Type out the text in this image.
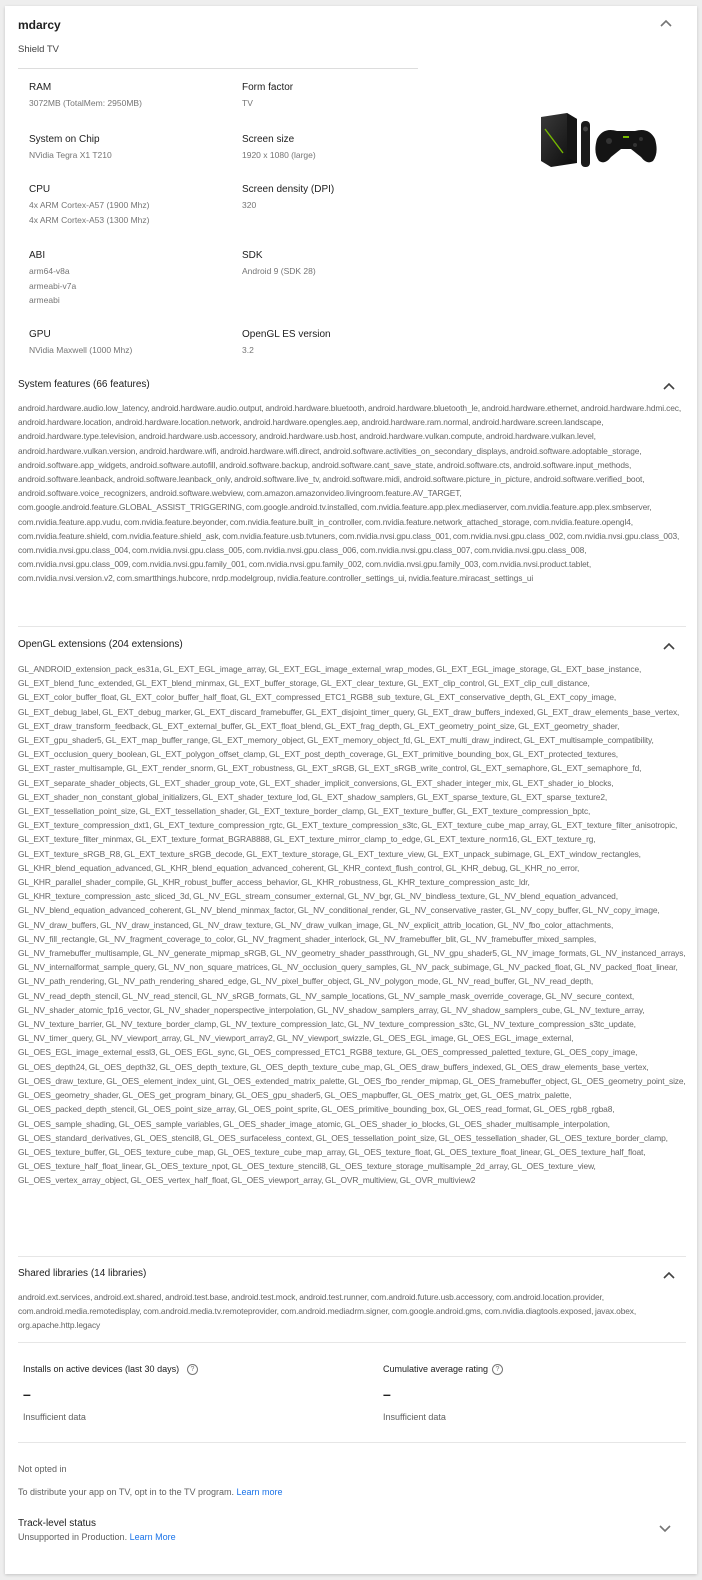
mdarcy
Shield TV
RAM
3072MB (TotalMem: 2950MB)
Form factor
TV
System on Chip
NVidia Tegra X1 T210
Screen size
1920 x 1080 (large)
CPU
4x ARM Cortex-A57 (1900 Mhz)
4x ARM Cortex-A53 (1300 Mhz)
Screen density (DPI)
320
ABI
arm64-v8a
armeabi-v7a
armeabi
SDK
Android 9 (SDK 28)
GPU
NVidia Maxwell (1000 Mhz)
OpenGL ES version
3.2
System features (66 features)
android.hardware.audio.low_latency, android.hardware.audio.output, android.hardware.bluetooth, android.hardware.bluetooth_le, android.hardware.ethernet, android.hardware.hdmi.cec, android.hardware.location, android.hardware.location.network, android.hardware.opengles.aep, android.hardware.ram.normal, android.hardware.screen.landscape, android.hardware.type.television, android.hardware.usb.accessory, android.hardware.usb.host, android.hardware.vulkan.compute, android.hardware.vulkan.level, android.hardware.vulkan.version, android.hardware.wifi, android.hardware.wifi.direct, android.software.activities_on_secondary_displays, android.software.adoptable_storage, android.software.app_widgets, android.software.autofill, android.software.backup, android.software.cant_save_state, android.software.cts, android.software.input_methods, android.software.leanback, android.software.leanback_only, android.software.live_tv, android.software.midi, android.software.picture_in_picture, android.software.verified_boot, android.software.voice_recognizers, android.software.webview, com.amazon.amazonvideo.livingroom.feature.AV_TARGET, com.google.android.feature.GLOBAL_ASSIST_TRIGGERING, com.google.android.tv.installed, com.nvidia.feature.app.plex.mediaserver, com.nvidia.feature.app.plex.smbserver, com.nvidia.feature.app.vudu, com.nvidia.feature.beyonder, com.nvidia.feature.built_in_controller, com.nvidia.feature.network_attached_storage, com.nvidia.feature.opengl4, com.nvidia.feature.shield, com.nvidia.feature.shield_ask, com.nvidia.feature.usb.tvtuners, com.nvidia.nvsi.gpu.class_001, com.nvidia.nvsi.gpu.class_002, com.nvidia.nvsi.gpu.class_003, com.nvidia.nvsi.gpu.class_004, com.nvidia.nvsi.gpu.class_005, com.nvidia.nvsi.gpu.class_006, com.nvidia.nvsi.gpu.class_007, com.nvidia.nvsi.gpu.class_008, com.nvidia.nvsi.gpu.class_009, com.nvidia.nvsi.gpu.family_001, com.nvidia.nvsi.gpu.family_002, com.nvidia.nvsi.gpu.family_003, com.nvidia.nvsi.product.tablet, com.nvidia.nvsi.version.v2, com.smartthings.hubcore, nrdp.modelgroup, nvidia.feature.controller_settings_ui, nvidia.feature.miracast_settings_ui
OpenGL extensions (204 extensions)
GL_ANDROID_extension_pack_es31a, GL_EXT_EGL_image_array, GL_EXT_EGL_image_external_wrap_modes, GL_EXT_EGL_image_storage, GL_EXT_base_instance, GL_EXT_blend_func_extended, GL_EXT_blend_minmax, GL_EXT_buffer_storage, GL_EXT_clear_texture, GL_EXT_clip_control, GL_EXT_clip_cull_distance, GL_EXT_color_buffer_float, GL_EXT_color_buffer_half_float, GL_EXT_compressed_ETC1_RGB8_sub_texture, GL_EXT_conservative_depth, GL_EXT_copy_image, GL_EXT_debug_label, GL_EXT_debug_marker, GL_EXT_discard_framebuffer, GL_EXT_disjoint_timer_query, GL_EXT_draw_buffers_indexed, GL_EXT_draw_elements_base_vertex, GL_EXT_draw_transform_feedback, GL_EXT_external_buffer, GL_EXT_float_blend, GL_EXT_frag_depth, GL_EXT_geometry_point_size, GL_EXT_geometry_shader, GL_EXT_gpu_shader5, GL_EXT_map_buffer_range, GL_EXT_memory_object, GL_EXT_memory_object_fd, GL_EXT_multi_draw_indirect, GL_EXT_multisample_compatibility, GL_EXT_occlusion_query_boolean, GL_EXT_polygon_offset_clamp, GL_EXT_post_depth_coverage, GL_EXT_primitive_bounding_box, GL_EXT_protected_textures, GL_EXT_raster_multisample, GL_EXT_render_snorm, GL_EXT_robustness, GL_EXT_sRGB, GL_EXT_sRGB_write_control, GL_EXT_semaphore, GL_EXT_semaphore_fd, GL_EXT_separate_shader_objects, GL_EXT_shader_group_vote, GL_EXT_shader_implicit_conversions, GL_EXT_shader_integer_mix, GL_EXT_shader_io_blocks, GL_EXT_shader_non_constant_global_initializers, GL_EXT_shader_texture_lod, GL_EXT_shadow_samplers, GL_EXT_sparse_texture, GL_EXT_sparse_texture2, GL_EXT_tessellation_point_size, GL_EXT_tessellation_shader, GL_EXT_texture_border_clamp, GL_EXT_texture_buffer, GL_EXT_texture_compression_bptc, GL_EXT_texture_compression_dxt1, GL_EXT_texture_compression_rgtc, GL_EXT_texture_compression_s3tc, GL_EXT_texture_cube_map_array, GL_EXT_texture_filter_anisotropic, GL_EXT_texture_filter_minmax, GL_EXT_texture_format_BGRA8888, GL_EXT_texture_mirror_clamp_to_edge, GL_EXT_texture_norm16, GL_EXT_texture_rg, GL_EXT_texture_sRGB_R8, GL_EXT_texture_sRGB_decode, GL_EXT_texture_storage, GL_EXT_texture_view, GL_EXT_unpack_subimage, GL_EXT_window_rectangles, GL_KHR_blend_equation_advanced, GL_KHR_blend_equation_advanced_coherent, GL_KHR_context_flush_control, GL_KHR_debug, GL_KHR_no_error, GL_KHR_parallel_shader_compile, GL_KHR_robust_buffer_access_behavior, GL_KHR_robustness, GL_KHR_texture_compression_astc_ldr, GL_KHR_texture_compression_astc_sliced_3d, GL_NV_EGL_stream_consumer_external, GL_NV_bgr, GL_NV_bindless_texture, GL_NV_blend_equation_advanced, GL_NV_blend_equation_advanced_coherent, GL_NV_blend_minmax_factor, GL_NV_conditional_render, GL_NV_conservative_raster, GL_NV_copy_buffer, GL_NV_copy_image, GL_NV_draw_buffers, GL_NV_draw_instanced, GL_NV_draw_texture, GL_NV_draw_vulkan_image, GL_NV_explicit_attrib_location, GL_NV_fbo_color_attachments, GL_NV_fill_rectangle, GL_NV_fragment_coverage_to_color, GL_NV_fragment_shader_interlock, GL_NV_framebuffer_blit, GL_NV_framebuffer_mixed_samples, GL_NV_framebuffer_multisample, GL_NV_generate_mipmap_sRGB, GL_NV_geometry_shader_passthrough, GL_NV_gpu_shader5, GL_NV_image_formats, GL_NV_instanced_arrays, GL_NV_internalformat_sample_query, GL_NV_non_square_matrices, GL_NV_occlusion_query_samples, GL_NV_pack_subimage, GL_NV_packed_float, GL_NV_packed_float_linear, GL_NV_path_rendering, GL_NV_path_rendering_shared_edge, GL_NV_pixel_buffer_object, GL_NV_polygon_mode, GL_NV_read_buffer, GL_NV_read_depth, GL_NV_read_depth_stencil, GL_NV_read_stencil, GL_NV_sRGB_formats, GL_NV_sample_locations, GL_NV_sample_mask_override_coverage, GL_NV_secure_context, GL_NV_shader_atomic_fp16_vector, GL_NV_shader_noperspective_interpolation, GL_NV_shadow_samplers_array, GL_NV_shadow_samplers_cube, GL_NV_texture_array, GL_NV_texture_barrier, GL_NV_texture_border_clamp, GL_NV_texture_compression_latc, GL_NV_texture_compression_s3tc, GL_NV_texture_compression_s3tc_update, GL_NV_timer_query, GL_NV_viewport_array, GL_NV_viewport_array2, GL_NV_viewport_swizzle, GL_OES_EGL_image, GL_OES_EGL_image_external, GL_OES_EGL_image_external_essl3, GL_OES_EGL_sync, GL_OES_compressed_ETC1_RGB8_texture, GL_OES_compressed_paletted_texture, GL_OES_copy_image, GL_OES_depth24, GL_OES_depth32, GL_OES_depth_texture, GL_OES_depth_texture_cube_map, GL_OES_draw_buffers_indexed, GL_OES_draw_elements_base_vertex, GL_OES_draw_texture, GL_OES_element_index_uint, GL_OES_extended_matrix_palette, GL_OES_fbo_render_mipmap, GL_OES_framebuffer_object, GL_OES_geometry_point_size, GL_OES_geometry_shader, GL_OES_get_program_binary, GL_OES_gpu_shader5, GL_OES_mapbuffer, GL_OES_matrix_get, GL_OES_matrix_palette, GL_OES_packed_depth_stencil, GL_OES_point_size_array, GL_OES_point_sprite, GL_OES_primitive_bounding_box, GL_OES_read_format, GL_OES_rgb8_rgba8, GL_OES_sample_shading, GL_OES_sample_variables, GL_OES_shader_image_atomic, GL_OES_shader_io_blocks, GL_OES_shader_multisample_interpolation, GL_OES_standard_derivatives, GL_OES_stencil8, GL_OES_surfaceless_context, GL_OES_tessellation_point_size, GL_OES_tessellation_shader, GL_OES_texture_border_clamp, GL_OES_texture_buffer, GL_OES_texture_cube_map, GL_OES_texture_cube_map_array, GL_OES_texture_float, GL_OES_texture_float_linear, GL_OES_texture_half_float, GL_OES_texture_half_float_linear, GL_OES_texture_npot, GL_OES_texture_stencil8, GL_OES_texture_storage_multisample_2d_array, GL_OES_texture_view, GL_OES_vertex_array_object, GL_OES_vertex_half_float, GL_OES_viewport_array, GL_OVR_multiview, GL_OVR_multiview2
Shared libraries (14 libraries)
android.ext.services, android.ext.shared, android.test.base, android.test.mock, android.test.runner, com.android.future.usb.accessory, com.android.location.provider, com.android.media.remotedisplay, com.android.media.tv.remoteprovider, com.android.mediadrm.signer, com.google.android.gms, com.nvidia.diagtools.exposed, javax.obex, org.apache.http.legacy
Installs on active devices (last 30 days)	?
–
Insufficient data
Cumulative average rating	?
–
Insufficient data
Not opted in
To distribute your app on TV, opt in to the TV program. Learn more
Track-level status
Unsupported in Production. Learn More
